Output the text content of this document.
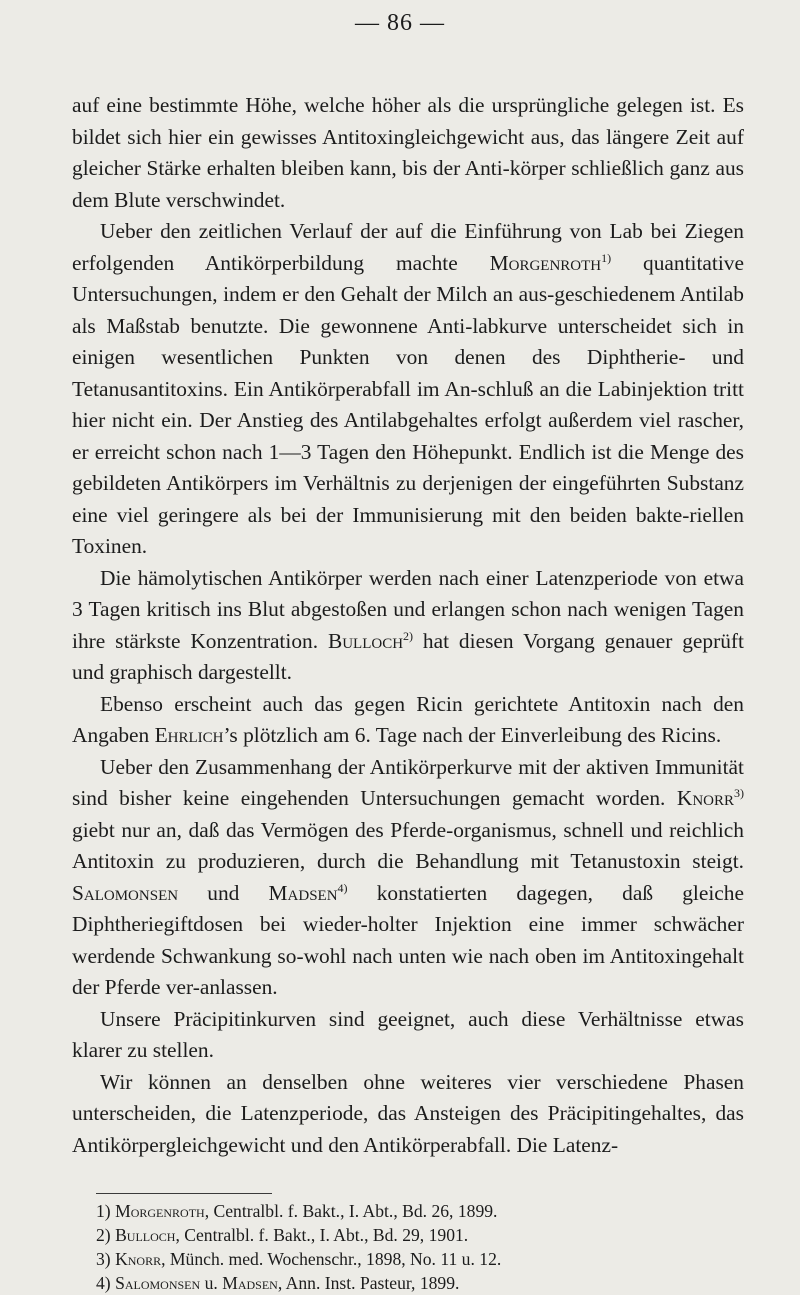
— 86 —

auf eine bestimmte Höhe, welche höher als die ursprüngliche gelegen ist. Es bildet sich hier ein gewisses Antitoxingleichgewicht aus, das längere Zeit auf gleicher Stärke erhalten bleiben kann, bis der Anti-körper schließlich ganz aus dem Blute verschwindet.

Ueber den zeitlichen Verlauf der auf die Einführung von Lab bei Ziegen erfolgenden Antikörperbildung machte Morgenroth$^{1)}$ quantitative Untersuchungen, indem er den Gehalt der Milch an aus-geschiedenem Antilab als Maßstab benutzte. Die gewonnene Anti-labkurve unterscheidet sich in einigen wesentlichen Punkten von denen des Diphtherie- und Tetanusantitoxins. Ein Antikörperabfall im An-schluß an die Labinjektion tritt hier nicht ein. Der Anstieg des Antilabgehaltes erfolgt außerdem viel rascher, er erreicht schon nach 1—3 Tagen den Höhepunkt. Endlich ist die Menge des gebildeten Antikörpers im Verhältnis zu derjenigen der eingeführten Substanz eine viel geringere als bei der Immunisierung mit den beiden bakte-riellen Toxinen.

Die hämolytischen Antikörper werden nach einer Latenzperiode von etwa 3 Tagen kritisch ins Blut abgestoßen und erlangen schon nach wenigen Tagen ihre stärkste Konzentration. Bulloch$^{2)}$ hat diesen Vorgang genauer geprüft und graphisch dargestellt.

Ebenso erscheint auch das gegen Ricin gerichtete Antitoxin nach den Angaben Ehrlich’s plötzlich am 6. Tage nach der Einverleibung des Ricins.

Ueber den Zusammenhang der Antikörperkurve mit der aktiven Immunität sind bisher keine eingehenden Untersuchungen gemacht worden. Knorr$^{3)}$ giebt nur an, daß das Vermögen des Pferde-organismus, schnell und reichlich Antitoxin zu produzieren, durch die Behandlung mit Tetanustoxin steigt. Salomonsen und Madsen$^{4)}$ konstatierten dagegen, daß gleiche Diphtheriegiftdosen bei wieder-holter Injektion eine immer schwächer werdende Schwankung so-wohl nach unten wie nach oben im Antitoxingehalt der Pferde ver-anlassen.

Unsere Präcipitinkurven sind geeignet, auch diese Verhältnisse etwas klarer zu stellen.

Wir können an denselben ohne weiteres vier verschiedene Phasen unterscheiden, die Latenzperiode, das Ansteigen des Präcipitingehaltes, das Antikörpergleichgewicht und den Antikörperabfall. Die Latenz-

1) Morgenroth, Centralbl. f. Bakt., I. Abt., Bd. 26, 1899.
2) Bulloch, Centralbl. f. Bakt., I. Abt., Bd. 29, 1901.
3) Knorr, Münch. med. Wochenschr., 1898, No. 11 u. 12.
4) Salomonsen u. Madsen, Ann. Inst. Pasteur, 1899.
